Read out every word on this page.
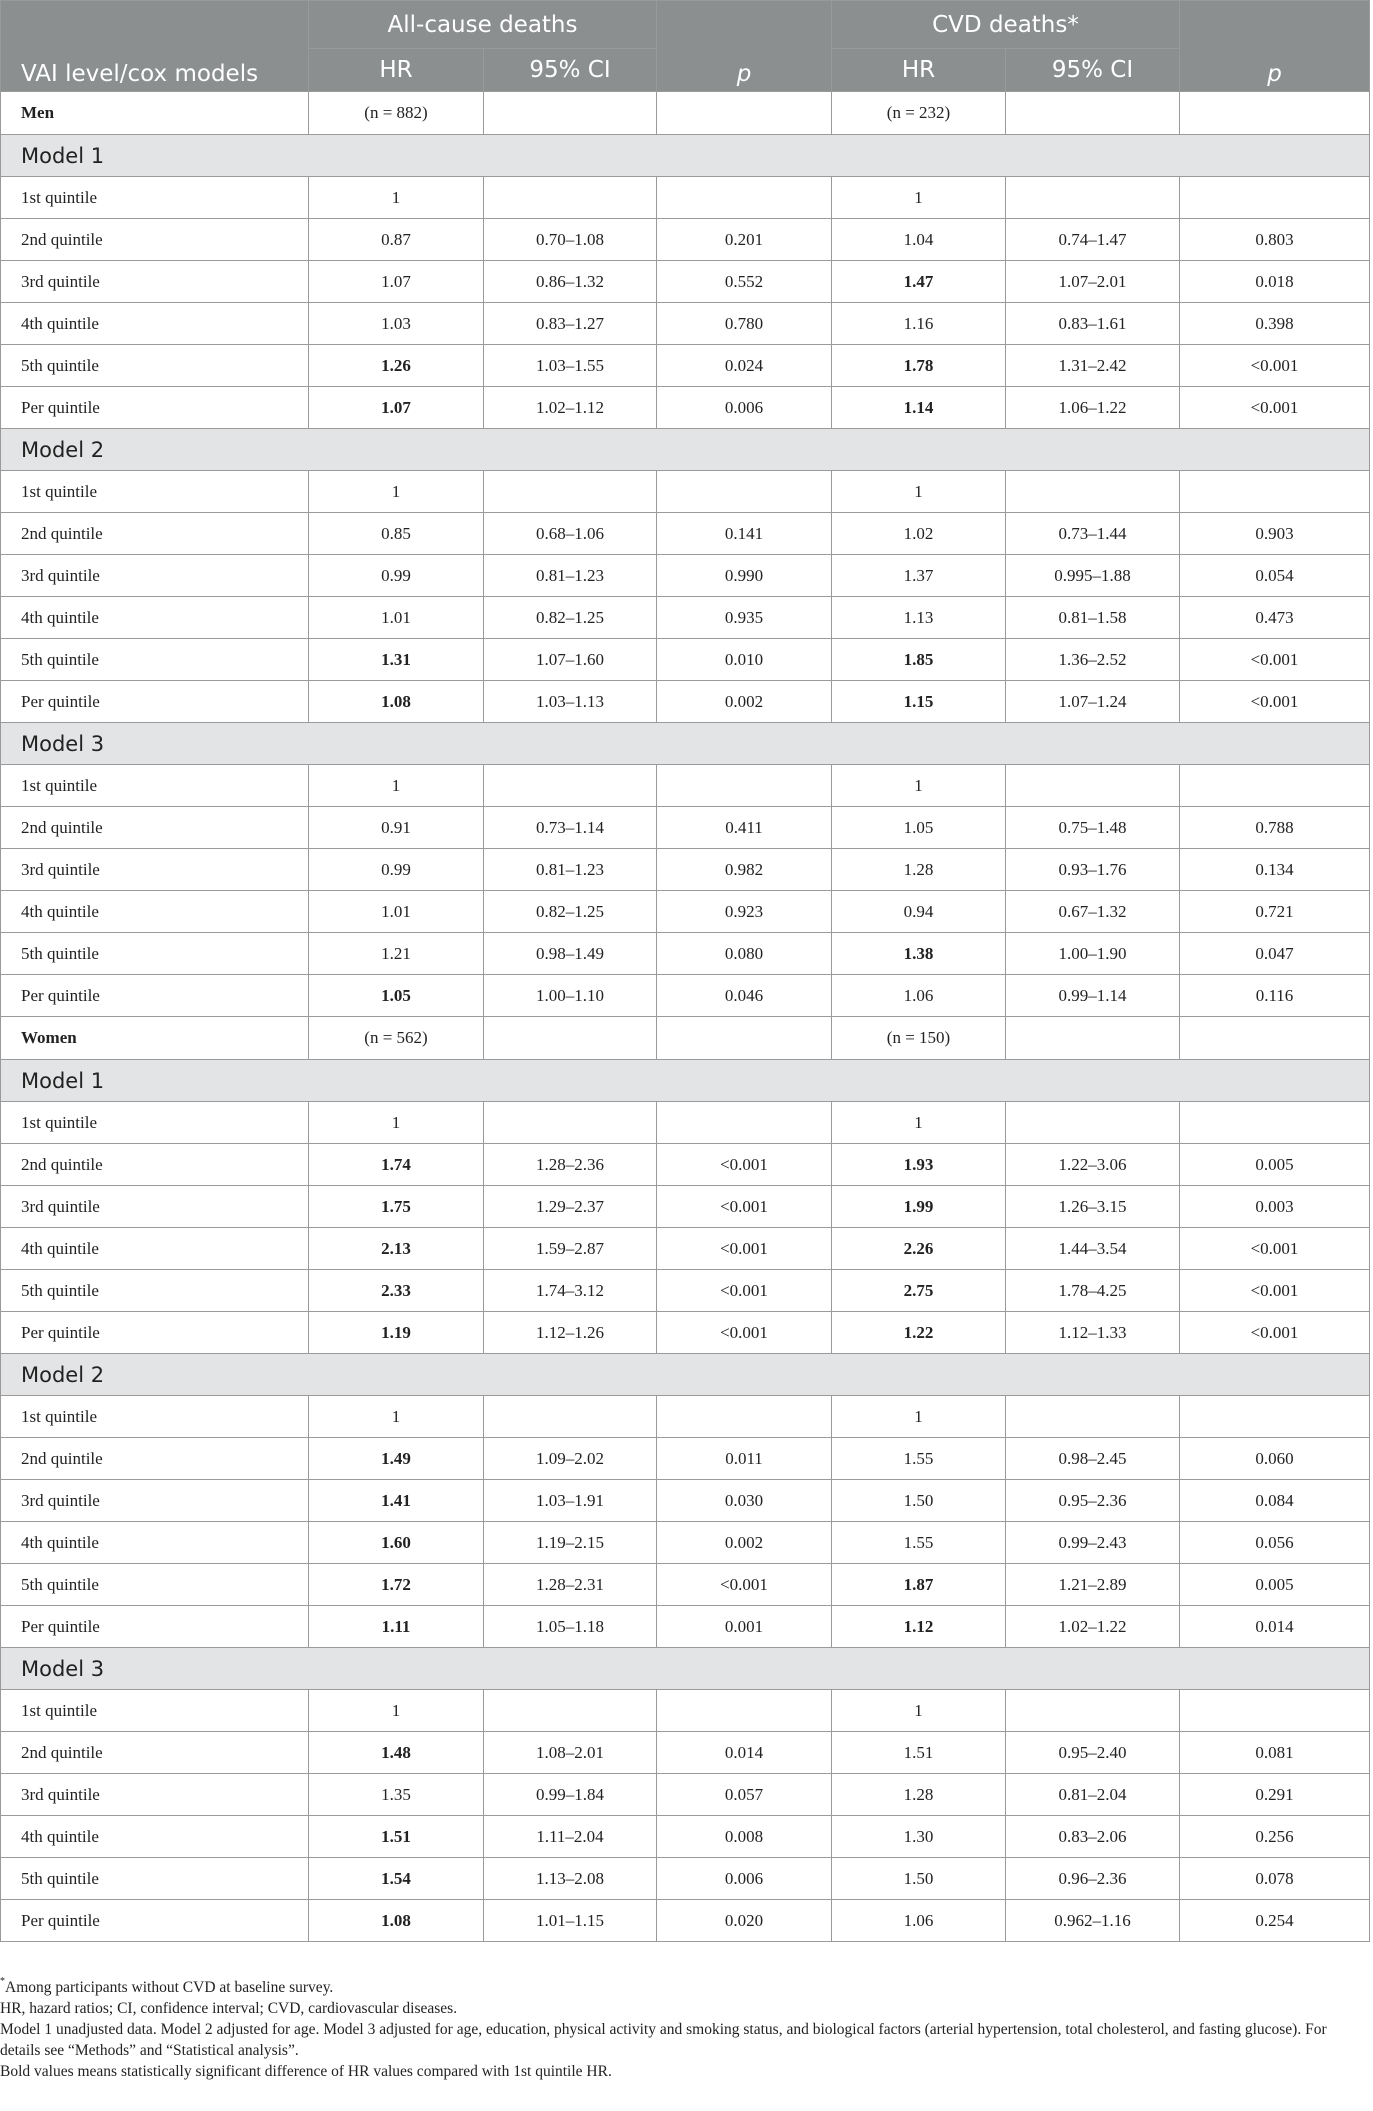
VAI level/cox models	All-cause deaths		p	CVD deaths*		p
	HR	95% CI		HR	95% CI	
Men	(n = 882)			(n = 232)		
Model 1						
1st quintile	1			1		
2nd quintile	0.87	0.70–1.08	0.201	1.04	0.74–1.47	0.803
3rd quintile	1.07	0.86–1.32	0.552	1.47	1.07–2.01	0.018
4th quintile	1.03	0.83–1.27	0.780	1.16	0.83–1.61	0.398
5th quintile	1.26	1.03–1.55	0.024	1.78	1.31–2.42	<0.001
Per quintile	1.07	1.02–1.12	0.006	1.14	1.06–1.22	<0.001
Model 2						
1st quintile	1			1		
2nd quintile	0.85	0.68–1.06	0.141	1.02	0.73–1.44	0.903
3rd quintile	0.99	0.81–1.23	0.990	1.37	0.995–1.88	0.054
4th quintile	1.01	0.82–1.25	0.935	1.13	0.81–1.58	0.473
5th quintile	1.31	1.07–1.60	0.010	1.85	1.36–2.52	<0.001
Per quintile	1.08	1.03–1.13	0.002	1.15	1.07–1.24	<0.001
Model 3						
1st quintile	1			1		
2nd quintile	0.91	0.73–1.14	0.411	1.05	0.75–1.48	0.788
3rd quintile	0.99	0.81–1.23	0.982	1.28	0.93–1.76	0.134
4th quintile	1.01	0.82–1.25	0.923	0.94	0.67–1.32	0.721
5th quintile	1.21	0.98–1.49	0.080	1.38	1.00–1.90	0.047
Per quintile	1.05	1.00–1.10	0.046	1.06	0.99–1.14	0.116
Women	(n = 562)			(n = 150)		
Model 1						
1st quintile	1			1		
2nd quintile	1.74	1.28–2.36	<0.001	1.93	1.22–3.06	0.005
3rd quintile	1.75	1.29–2.37	<0.001	1.99	1.26–3.15	0.003
4th quintile	2.13	1.59–2.87	<0.001	2.26	1.44–3.54	<0.001
5th quintile	2.33	1.74–3.12	<0.001	2.75	1.78–4.25	<0.001
Per quintile	1.19	1.12–1.26	<0.001	1.22	1.12–1.33	<0.001
Model 2						
1st quintile	1			1		
2nd quintile	1.49	1.09–2.02	0.011	1.55	0.98–2.45	0.060
3rd quintile	1.41	1.03–1.91	0.030	1.50	0.95–2.36	0.084
4th quintile	1.60	1.19–2.15	0.002	1.55	0.99–2.43	0.056
5th quintile	1.72	1.28–2.31	<0.001	1.87	1.21–2.89	0.005
Per quintile	1.11	1.05–1.18	0.001	1.12	1.02–1.22	0.014
Model 3						
1st quintile	1			1		
2nd quintile	1.48	1.08–2.01	0.014	1.51	0.95–2.40	0.081
3rd quintile	1.35	0.99–1.84	0.057	1.28	0.81–2.04	0.291
4th quintile	1.51	1.11–2.04	0.008	1.30	0.83–2.06	0.256
5th quintile	1.54	1.13–2.08	0.006	1.50	0.96–2.36	0.078
Per quintile	1.08	1.01–1.15	0.020	1.06	0.962–1.16	0.254

*Among participants without CVD at baseline survey.

HR, hazard ratios; CI, confidence interval; CVD, cardiovascular diseases.

Model 1 unadjusted data. Model 2 adjusted for age. Model 3 adjusted for age, education, physical activity and smoking status, and biological factors (arterial hypertension, total cholesterol, and fasting glucose). For details see “Methods” and “Statistical analysis”.

Bold values means statistically significant difference of HR values compared with 1st quintile HR.
